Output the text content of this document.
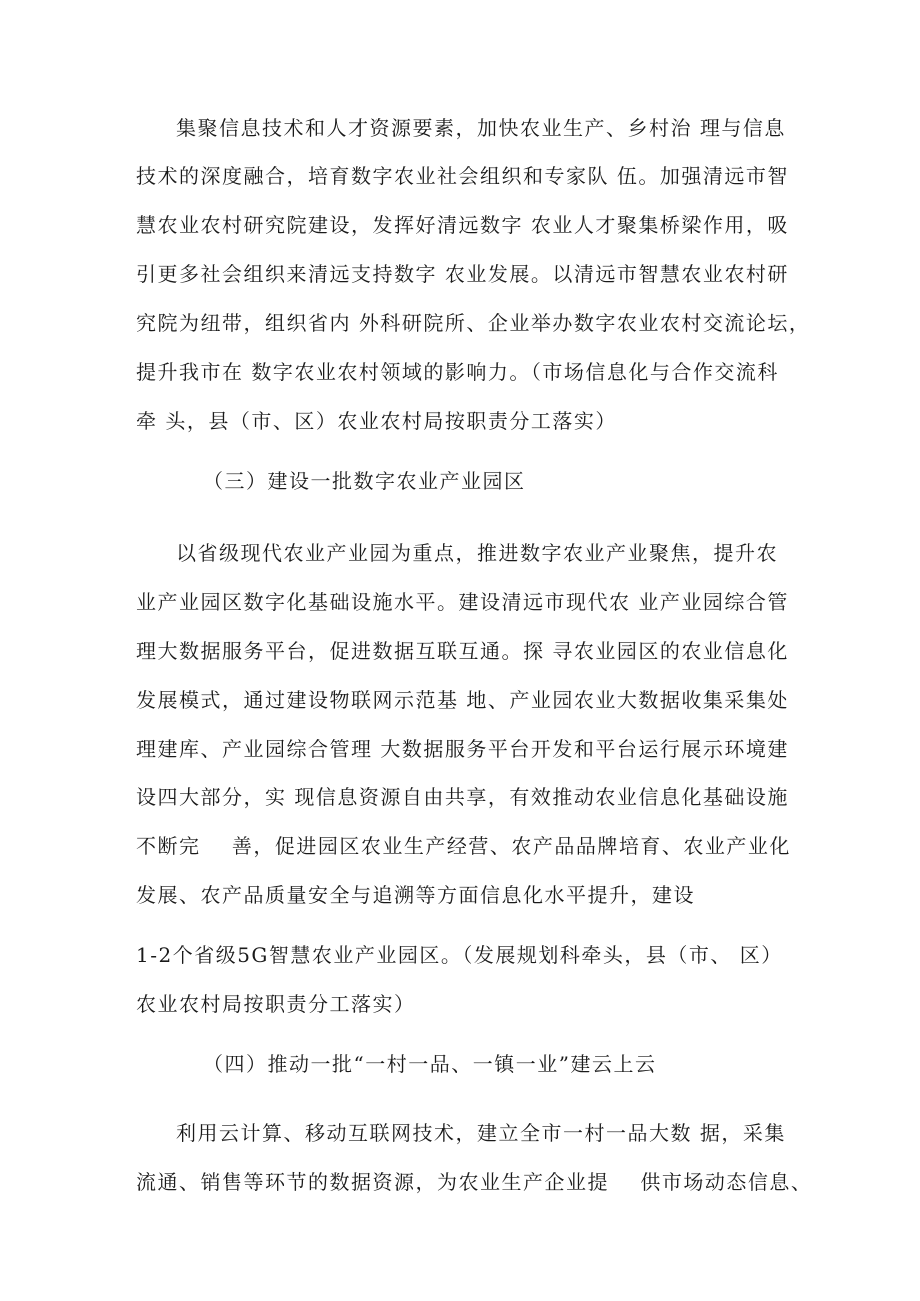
集聚信息技术和人才资源要素，加快农业生产、乡村治 理与信息
技术的深度融合，培育数字农业社会组织和专家队 伍。加强清远市智
慧农业农村研究院建设，发挥好清远数字 农业人才聚集桥梁作用，吸
引更多社会组织来清远支持数字 农业发展。以清远市智慧农业农村研
究院为纽带，组织省内 外科研院所、企业举办数字农业农村交流论坛，
提升我市在 数字农业农村领域的影响力。（市场信息化与合作交流科
牵 头，县（市、区）农业农村局按职责分工落实）
（三）建设一批数字农业产业园区
以省级现代农业产业园为重点，推进数字农业产业聚焦，提升农
业产业园区数字化基础设施水平。建设清远市现代农 业产业园综合管
理大数据服务平台，促进数据互联互通。探 寻农业园区的农业信息化
发展模式，通过建设物联网示范基 地、产业园农业大数据收集采集处
理建库、产业园综合管理 大数据服务平台开发和平台运行展示环境建
设四大部分，实 现信息资源自由共享，有效推动农业信息化基础设施
不断完    善，促进园区农业生产经营、农产品品牌培育、农业产业化
发展、农产品质量安全与追溯等方面信息化水平提升，建设
1-2个省级5G智慧农业产业园区。（发展规划科牵头，县（市、 区）
农业农村局按职责分工落实）
（四）推动一批“一村一品、一镇一业”建云上云
利用云计算、移动互联网技术，建立全市一村一品大数 据，采集
流通、销售等环节的数据资源，为农业生产企业提    供市场动态信息、
